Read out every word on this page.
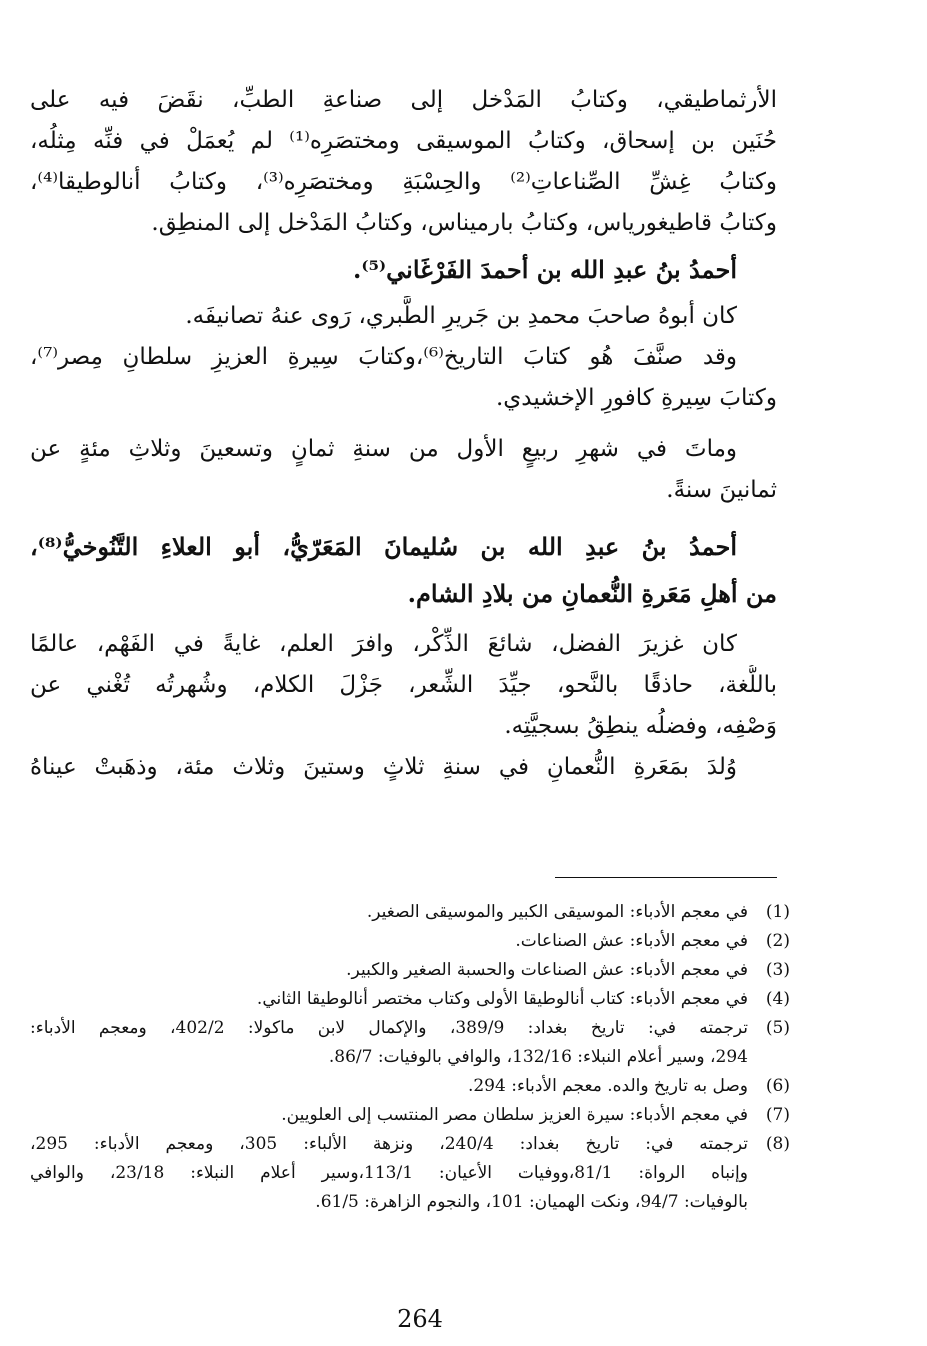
الأرثماطيقي، وكتابُ المَدْخل إلى صناعةِ الطبِّ، نقَضَ فيه على
حُنَين بن إسحاق، وكتابُ الموسيقى ومختصَرِه⁽¹⁾ لم يُعمَلْ في فنِّه مِثلُه،
وكتابُ غِشِّ الصِّناعاتِ⁽²⁾ والحِسْبَةِ ومختصَرِه⁽³⁾، وكتابُ أنالوطيقا⁽⁴⁾،
وكتابُ قاطيغورياس، وكتابُ بارميناس، وكتابُ المَدْخل إلى المنطِق.
أحمدُ بنُ عبدِ الله بن أحمدَ الفَرْغَاني⁽⁵⁾.
كان أبوهُ صاحبَ محمدِ بن جَريرِ الطَّبري، رَوى عنهُ تصانيفَه.
وقد صنَّفَ هُو كتابَ التاريخ⁽⁶⁾،وكتابَ سِيرةِ العزيزِ سلطانِ مِصر⁽⁷⁾،
وكتابَ سِيرةِ كافورِ الإخشيدي.
وماتَ في شهرِ ربيعٍ الأول من سنةِ ثمانٍ وتسعينَ وثلاثِ مئةٍ عن
ثمانينَ سنةً.
أحمدُ بنُ عبدِ الله بن سُليمانَ المَعَرّيُّ، أبو العلاءِ التَّنُوخيُّ⁽⁸⁾،
من أهلِ مَعَرةِ النُّعمانِ من بلادِ الشام.
كان غزيرَ الفضل، شائعَ الذِّكْر، وافرَ العلم، غايةً في الفَهْم، عالمًا
باللُّغة، حاذقًا بالنَّحو، جيِّدَ الشِّعر، جَزْلَ الكلام، وشُهرتُه تُغْني عن
وَصْفِه، وفضلُه ينطِقُ بسجيَّتِه.
وُلدَ بمَعَرةِ النُّعمانِ في سنةِ ثلاثٍ وستينَ وثلاث مئة، وذهَبتْ عيناهُ
(1)
في معجم الأدباء: الموسيقى الكبير والموسيقى الصغير.
(2)
في معجم الأدباء: عش الصناعات.
(3)
في معجم الأدباء: عش الصناعات والحسبة الصغير والكبير.
(4)
في معجم الأدباء: كتاب أنالوطيقا الأولى وكتاب مختصر أنالوطيقا الثاني.
(5)
ترجمته في: تاريخ بغداد: 389/9، والإكمال لابن ماكولا: 402/2، ومعجم الأدباء:
294، وسير أعلام النبلاء: 132/16، والوافي بالوفيات: 86/7.
(6)
وصل به تاريخ والده. معجم الأدباء: 294.
(7)
في معجم الأدباء: سيرة العزيز سلطان مصر المنتسب إلى العلويين.
(8)
ترجمته في: تاريخ بغداد: 240/4، ونزهة الألباء: 305، ومعجم الأدباء: 295،
وإنباه الرواة: 81/1،ووفيات الأعيان: 113/1،وسير أعلام النبلاء: 23/18، والوافي
بالوفيات: 94/7، ونكت الهميان: 101، والنجوم الزاهرة: 61/5.
264
